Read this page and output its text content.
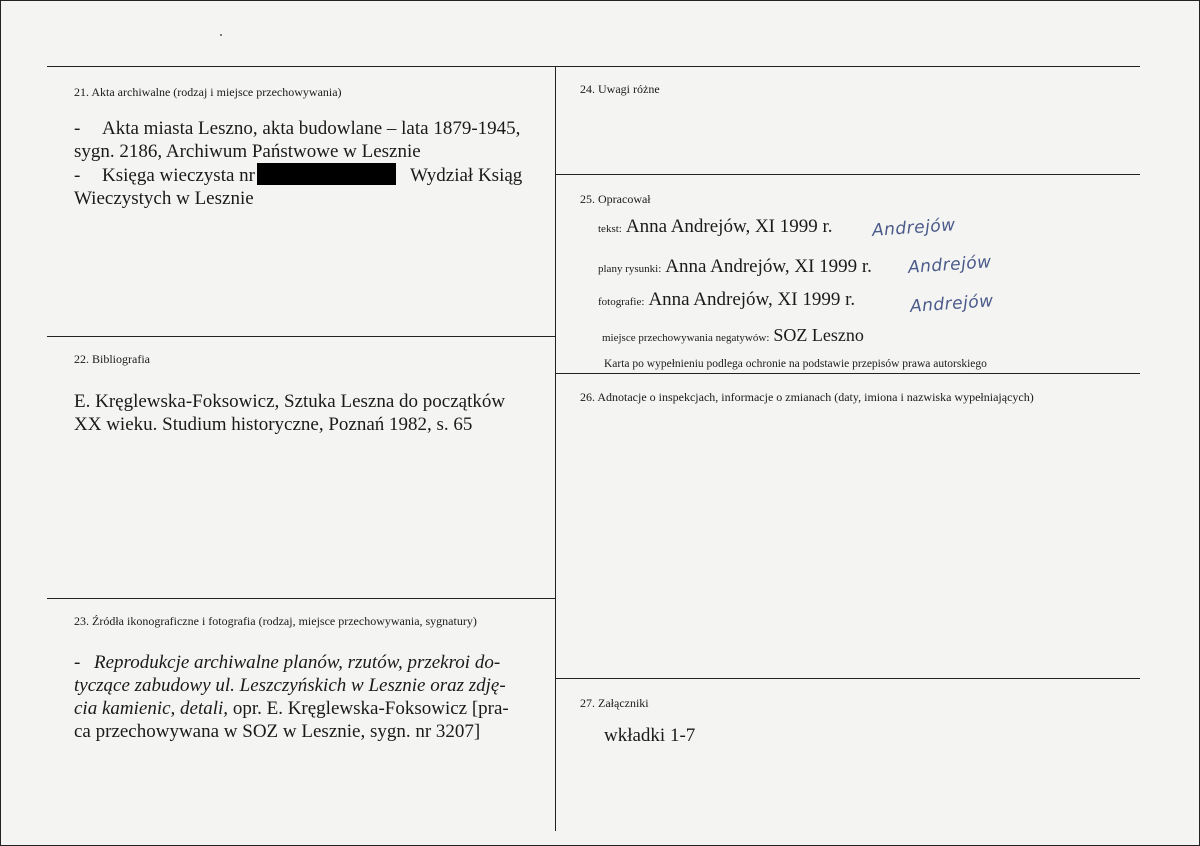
21. Akta archiwalne (rodzaj i miejsce przechowywania)

- Akta miasta Leszno, akta budowlane – lata 1879-1945,

sygn. 2186, Archiwum Państwowe w Lesznie

- Księga wieczysta nr	Wydział Ksiąg

Wieczystych w Lesznie

22. Bibliografia

E. Kręglewska-Foksowicz, Sztuka Leszna do początków

XX wieku. Studium historyczne, Poznań 1982, s. 65

23. Źródła ikonograficzne i fotografia (rodzaj, miejsce przechowywania, sygnatury)

- Reprodukcje archiwalne planów, rzutów, przekroi do-

tyczące zabudowy ul. Leszczyńskich w Lesznie oraz zdję-

cia kamienic, detali, opr. E. Kręglewska-Foksowicz [pra-

ca przechowywana w SOZ w Lesznie, sygn. nr 3207]

24. Uwagi różne
25. Opracował
tekst: Anna Andrejów, XI 1999 r. Andrejów
plany rysunki: Anna Andrejów, XI 1999 r. Andrejów
fotografie: Anna Andrejów, XI 1999 r.	Andrejów
miejsce przechowywania negatywów: SOZ Leszno
Karta po wypełnieniu podlega ochronie na podstawie przepisów prawa autorskiego
26. Adnotacje o inspekcjach, informacje o zmianach (daty, imiona i nazwiska wypełniających)
27. Załączniki
wkładki 1-7
